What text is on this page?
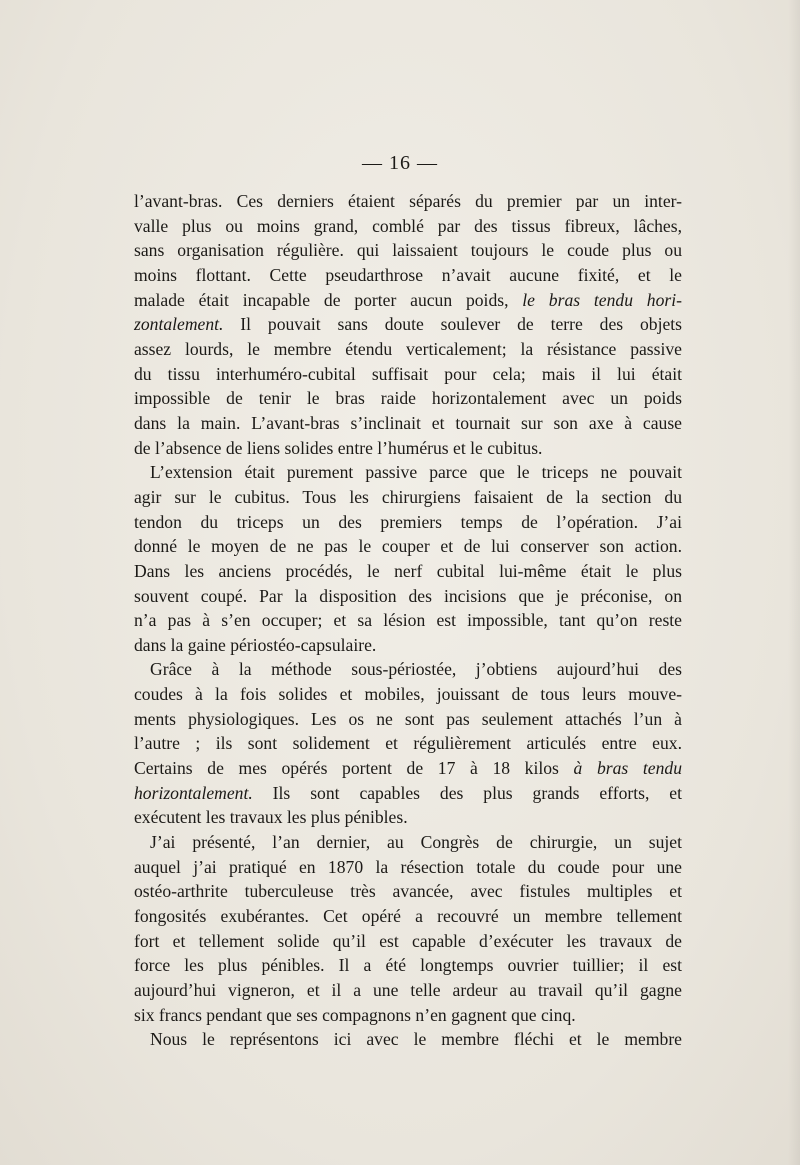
— 16 —
l’avant-bras. Ces derniers étaient séparés du premier par un inter-
valle plus ou moins grand, comblé par des tissus fibreux, lâches,
sans organisation régulière. qui laissaient toujours le coude plus ou
moins flottant. Cette pseudarthrose n’avait aucune fixité, et le
malade était incapable de porter aucun poids, le bras tendu hori-
zontalement. Il pouvait sans doute soulever de terre des objets
assez lourds, le membre étendu verticalement; la résistance passive
du tissu interhuméro-cubital suffisait pour cela; mais il lui était
impossible de tenir le bras raide horizontalement avec un poids
dans la main. L’avant-bras s’inclinait et tournait sur son axe à cause
de l’absence de liens solides entre l’humérus et le cubitus.
L’extension était purement passive parce que le triceps ne pouvait
agir sur le cubitus. Tous les chirurgiens faisaient de la section du
tendon du triceps un des premiers temps de l’opération. J’ai
donné le moyen de ne pas le couper et de lui conserver son action.
Dans les anciens procédés, le nerf cubital lui-même était le plus
souvent coupé. Par la disposition des incisions que je préconise, on
n’a pas à s’en occuper; et sa lésion est impossible, tant qu’on reste
dans la gaine périostéo-capsulaire.
Grâce à la méthode sous-périostée, j’obtiens aujourd’hui des
coudes à la fois solides et mobiles, jouissant de tous leurs mouve-
ments physiologiques. Les os ne sont pas seulement attachés l’un à
l’autre ; ils sont solidement et régulièrement articulés entre eux.
Certains de mes opérés portent de 17 à 18 kilos à bras tendu
horizontalement. Ils sont capables des plus grands efforts, et
exécutent les travaux les plus pénibles.
J’ai présenté, l’an dernier, au Congrès de chirurgie, un sujet
auquel j’ai pratiqué en 1870 la résection totale du coude pour une
ostéo-arthrite tuberculeuse très avancée, avec fistules multiples et
fongosités exubérantes. Cet opéré a recouvré un membre tellement
fort et tellement solide qu’il est capable d’exécuter les travaux de
force les plus pénibles. Il a été longtemps ouvrier tuillier; il est
aujourd’hui vigneron, et il a une telle ardeur au travail qu’il gagne
six francs pendant que ses compagnons n’en gagnent que cinq.
Nous le représentons ici avec le membre fléchi et le membre
